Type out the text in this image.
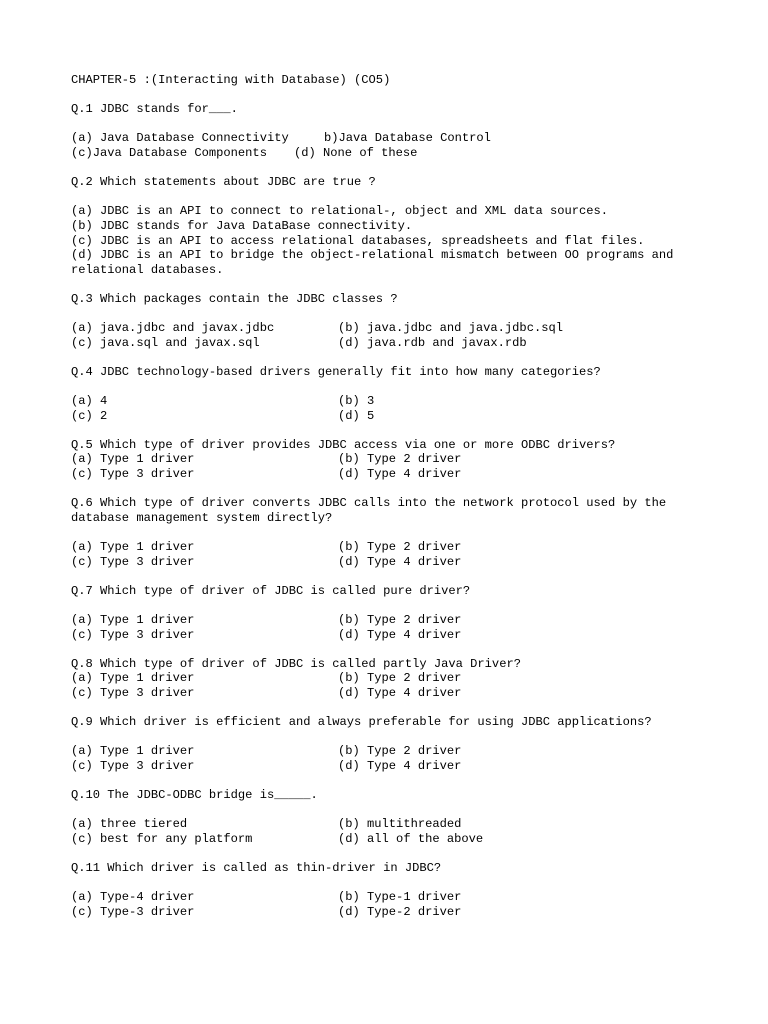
CHAPTER-5 :(Interacting with Database) (CO5)
Q.1 JDBC stands for___.
(a) Java Database Connectivity	b)Java Database Control
(c)Java Database Components	(d) None of these
Q.2 Which statements about JDBC are true ?
(a) JDBC is an API to connect to relational-, object and XML data sources.
(b) JDBC stands for Java DataBase connectivity.
(c) JDBC is an API to access relational databases, spreadsheets and flat files.
(d) JDBC is an API to bridge the object-relational mismatch between OO programs and
relational databases.
Q.3 Which packages contain the JDBC classes ?
(a) java.jdbc and javax.jdbc	(b) java.jdbc and java.jdbc.sql
(c) java.sql and javax.sql	(d) java.rdb and javax.rdb
Q.4 JDBC technology-based drivers generally fit into how many categories?
(a) 4	(b) 3
(c) 2	(d) 5
Q.5 Which type of driver provides JDBC access via one or more ODBC drivers?
(a) Type 1 driver	(b) Type 2 driver
(c) Type 3 driver	(d) Type 4 driver
Q.6 Which type of driver converts JDBC calls into the network protocol used by the
database management system directly?
(a) Type 1 driver	(b) Type 2 driver
(c) Type 3 driver	(d) Type 4 driver
Q.7 Which type of driver of JDBC is called pure driver?
(a) Type 1 driver	(b) Type 2 driver
(c) Type 3 driver	(d) Type 4 driver
Q.8 Which type of driver of JDBC is called partly Java Driver?
(a) Type 1 driver	(b) Type 2 driver
(c) Type 3 driver	(d) Type 4 driver
Q.9 Which driver is efficient and always preferable for using JDBC applications?
(a) Type 1 driver	(b) Type 2 driver
(c) Type 3 driver	(d) Type 4 driver
Q.10 The JDBC-ODBC bridge is_____.
(a) three tiered	(b) multithreaded
(c) best for any platform	(d) all of the above
Q.11 Which driver is called as thin-driver in JDBC?
(a) Type-4 driver	(b) Type-1 driver
(c) Type-3 driver	(d) Type-2 driver
